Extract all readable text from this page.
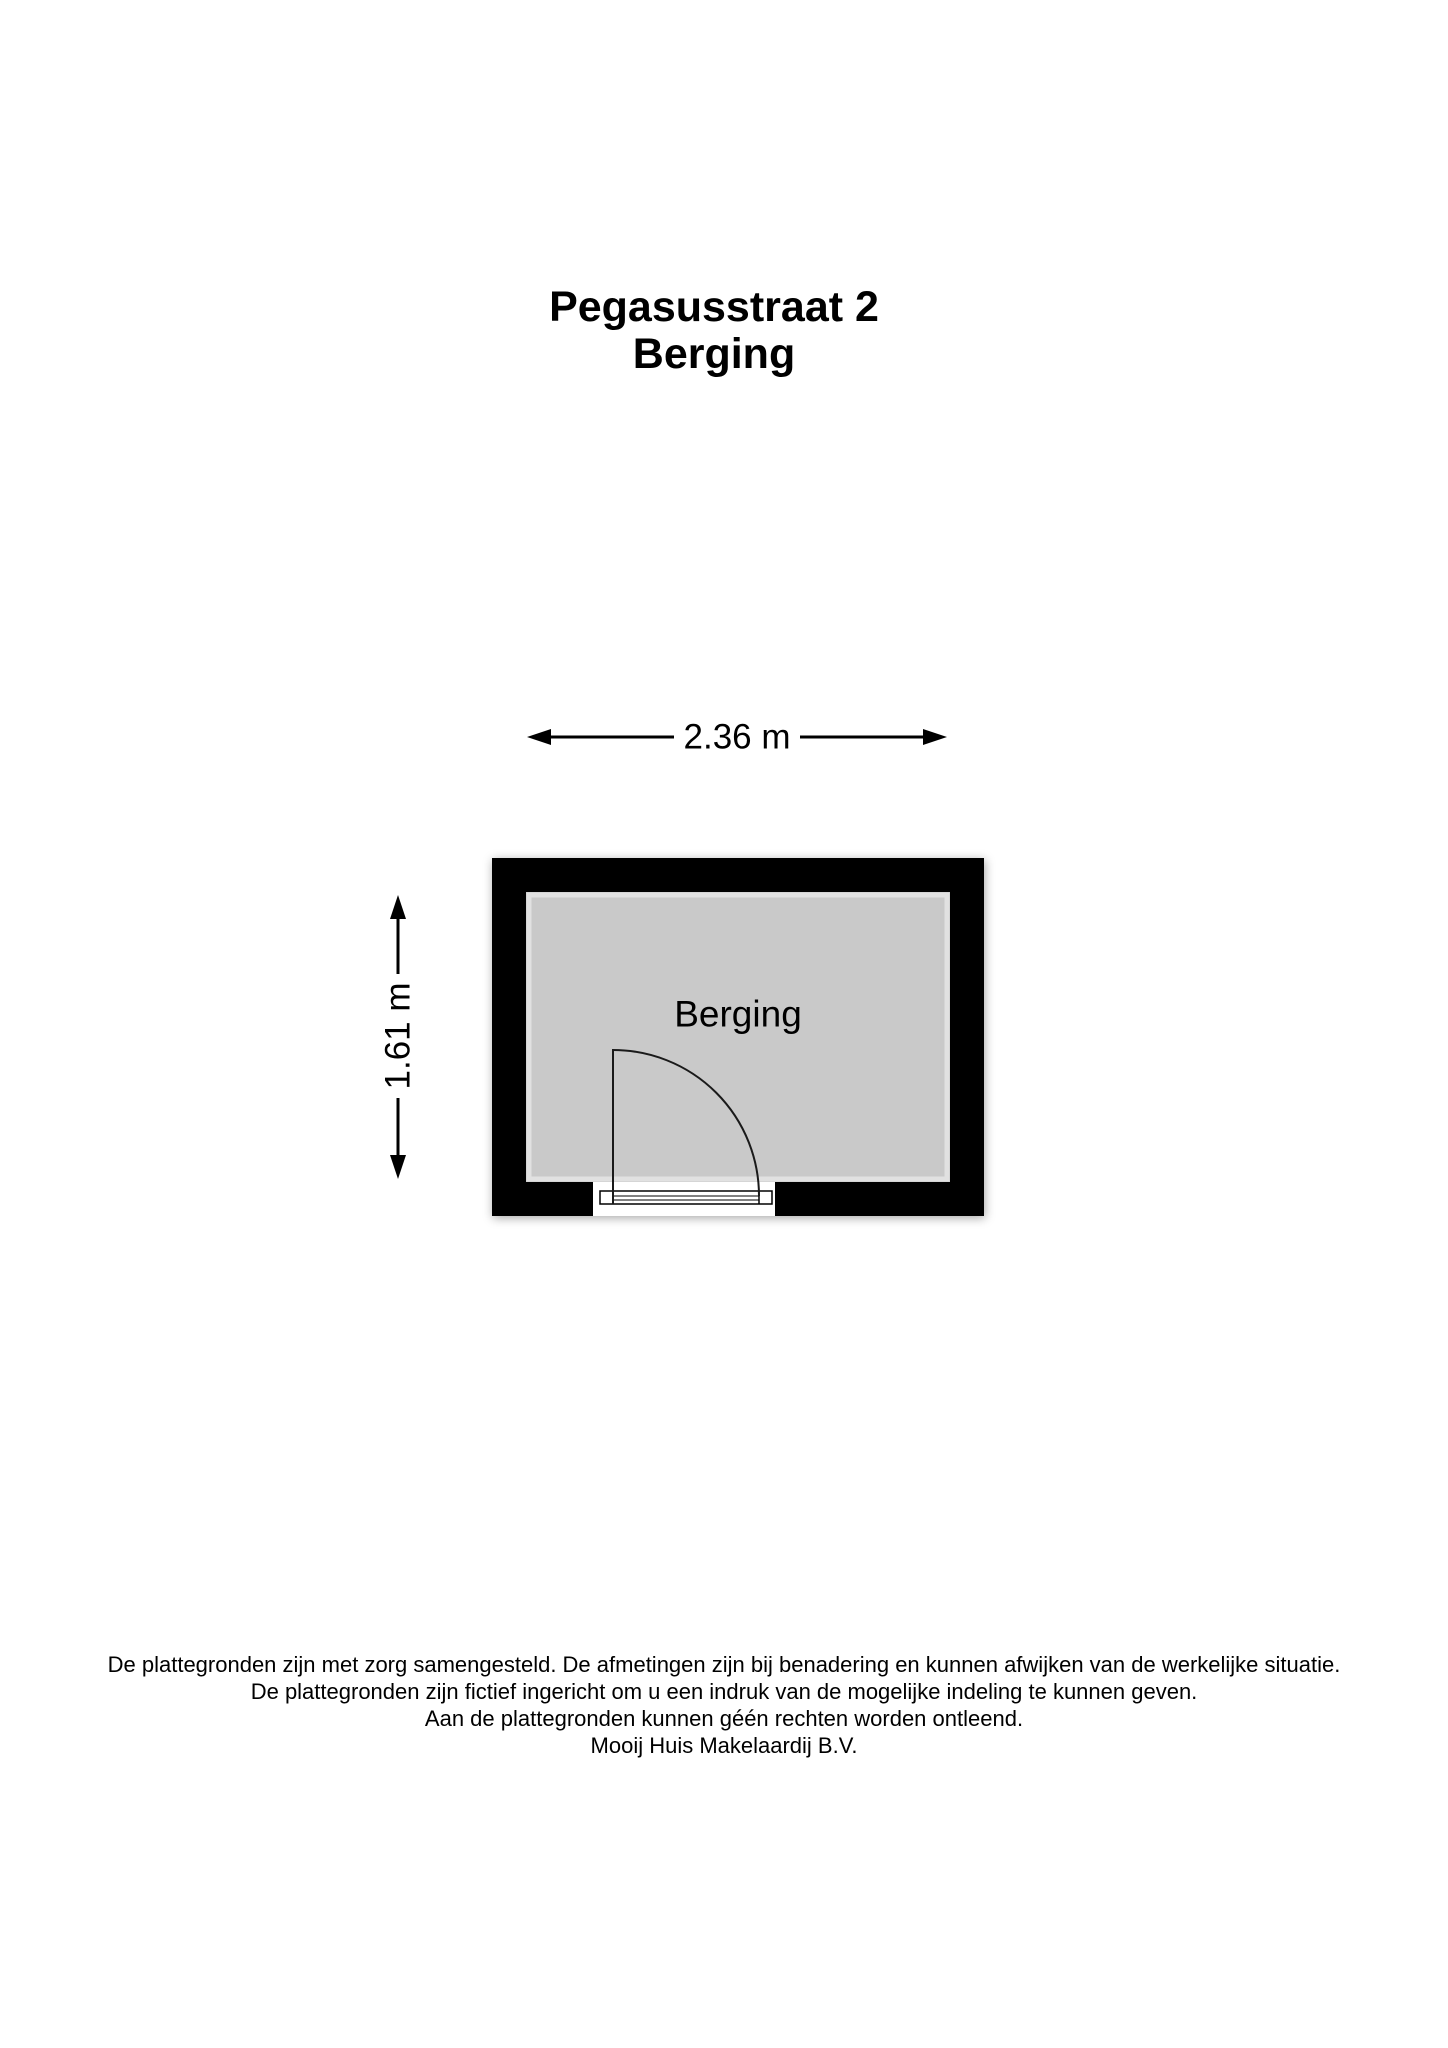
Pegasusstraat 2
Berging
2.36 m
1.61 m	Berging
De plattegronden zijn met zorg samengesteld. De afmetingen zijn bij benadering en kunnen afwijken van de werkelijke situatie.
De plattegronden zijn fictief ingericht om u een indruk van de mogelijke indeling te kunnen geven.
Aan de plattegronden kunnen géén rechten worden ontleend.
Mooij Huis Makelaardij B.V.
